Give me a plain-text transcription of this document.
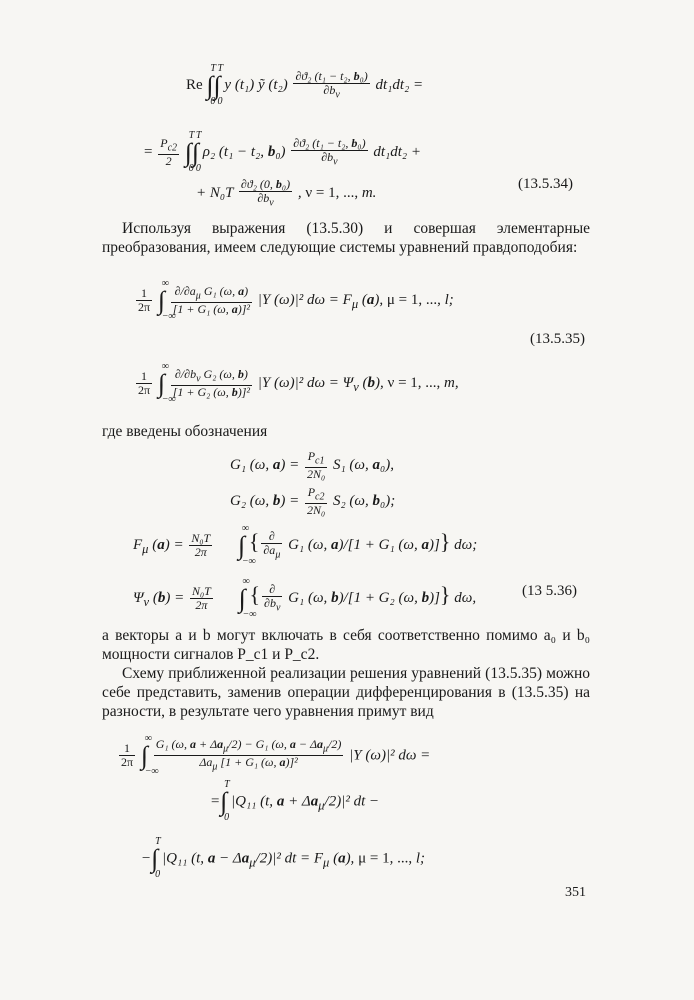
Re ∫
T
0
∫
T
0
y (t₁) ỹ $(t_2) \frac{\text{∂ϑ₂ (t₁ − t₂, b₀)}}{\partial b_\nu} dt_1dt_2$ =
= $\frac{P_{c2}}{2}$ ∫
T
0
∫
T
0
ρ₂ (t₁ − t₂, $b_0) \frac{\text{∂ϑ₂ (t₁ − t₂, b₀)}}{\partial b_\nu} dt_1dt_2$ +
+ $N_0T \frac{\text{∂ϑ₂ (0, b₀)}}{\partial b_\nu}$ , ν = 1, ..., m.
(13.5.34)
Используя выражения (13.5.30) и совершая элементарные преобразования, имеем следующие системы уравнений правдоподобия:
$\frac{1}{2\pi}$ ∫
∞
−∞

$\frac{\partial/\partial a_\mu G_1 (\omega, a)}{\text{[1 + G₁ (ω, a)]²}} |Y$ (ω)|² $d\omega = F_\mu$ (a), μ = 1, ..., l;
(13.5.35)
$\frac{1}{2\pi}$ ∫
∞
−∞

$\frac{\partial/\partial b_\nu G_2 (\omega, b)}{\text{[1 + G₂ (ω, b)]²}} |Y$ (ω)|² $d\omega = \Psi_\nu$ (b), ν = 1, ..., m,
где введены обозначения
G₁ (ω, $a) = \frac{P_{c1}}{\text{2N₀}} S_1$ (ω, a₀),
G₂ (ω, $b) = \frac{P_{c2}}{\text{2N₀}} S_2$ (ω, b₀);
$F_\mu$ $(a) = \frac{\text{N₀T}}{2\pi}$ ∫
∞
−∞
{ $\frac{\partial}{\partial a_\mu} G_1$ (ω, a)/[1 + G₁ (ω, a)]} dω;
$\Psi_\nu$ $(b) = \frac{\text{N₀T}}{2\pi}$ ∫
∞
−∞
{ $\frac{\partial}{\partial b_\nu} G_1$ (ω, b)/[1 + G₂ (ω, b)]} dω,	(13 5.36)
а векторы a и b могут включать в себя соответственно помимо a₀ и b₀ мощности сигналов P_c1 и P_c2.
Схему приближенной реализации решения уравнений (13.5.35) можно себе представить, заменив операции дифференцирования в (13.5.35) на разности, в результате чего уравнения примут вид
$\frac{1}{2\pi}$ ∫
∞
−∞

$\frac{G_1 (\omega, a + \Delta a_\mu/2) - G_1 (\omega, a - \Delta a_\mu/2)}{\Delta a_\mu [1 + G_1 (\omega, a)]^2} |Y$ (ω)|² dω =
=∫
T
0
|Q₁₁ (t, $a + \Delta a_\mu/2)|^2$ dt −
−∫
T
0
|Q₁₁ (t, $a - \Delta a_\mu/2)|^2$ dt = $F_\mu$ (a), μ = 1, ..., l;
351
